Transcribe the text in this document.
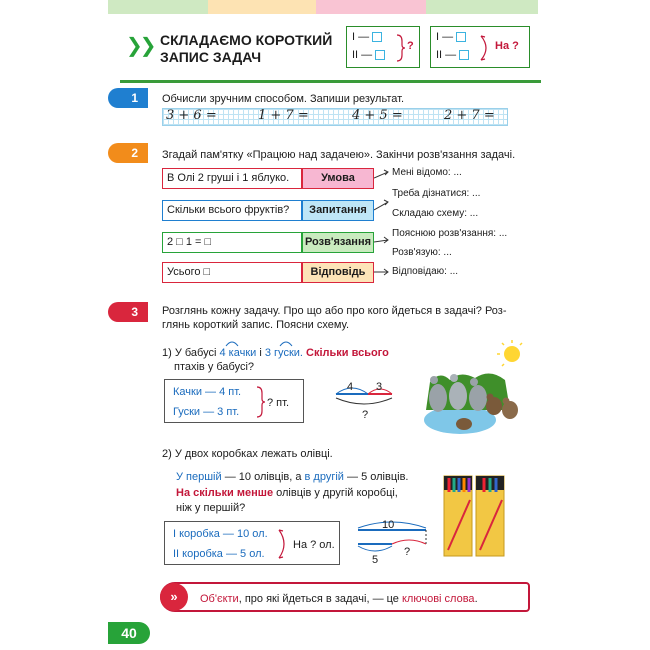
❯❯ СКЛАДАЄМО КОРОТКИЙ
ЗАПИС ЗАДАЧ
I —
II —
?
I —
II —
На ?
1	Обчисли зручним способом. Запиши результат.
3 + 6 =	1 + 7 =	4 + 5 =	2 + 7 =
2	Згадай пам'ятку «Працюю над задачею». Закінчи розв'язання задачі.
В Олі 2 груші і 1 яблуко.	Умова
Скільки всього фруктів?	Запитання
2 □ 1 = □	Розв'язання
Усього □	Відповідь
Мені відомо: ...
Треба дізнатися: ...
Складаю схему: ...
Пояснюю розв'язання: ...
Розв'язую: ...
Відповідаю: ...
3	Розглянь кожну задачу. Про що або про кого йдеться в задачі? Роз-
глянь короткий запис. Поясни схему.
1) У бабусі 4 качки і 3 гуски. Скільки всього
птахів у бабусі?
Качки — 4 пт.
Гуски — 3 пт.
? пт.
4 3
?
2) У двох коробках лежать олівці.
У першій — 10 олівців, а в другій — 5 олівців.
На скільки менше олівців у другій коробці,
ніж у першій?
I коробка — 10 ол.
II коробка — 5 ол.
На ? ол.
10
5
?
»	Об'єкти, про які йдеться в задачі, — це ключові слова.
40
